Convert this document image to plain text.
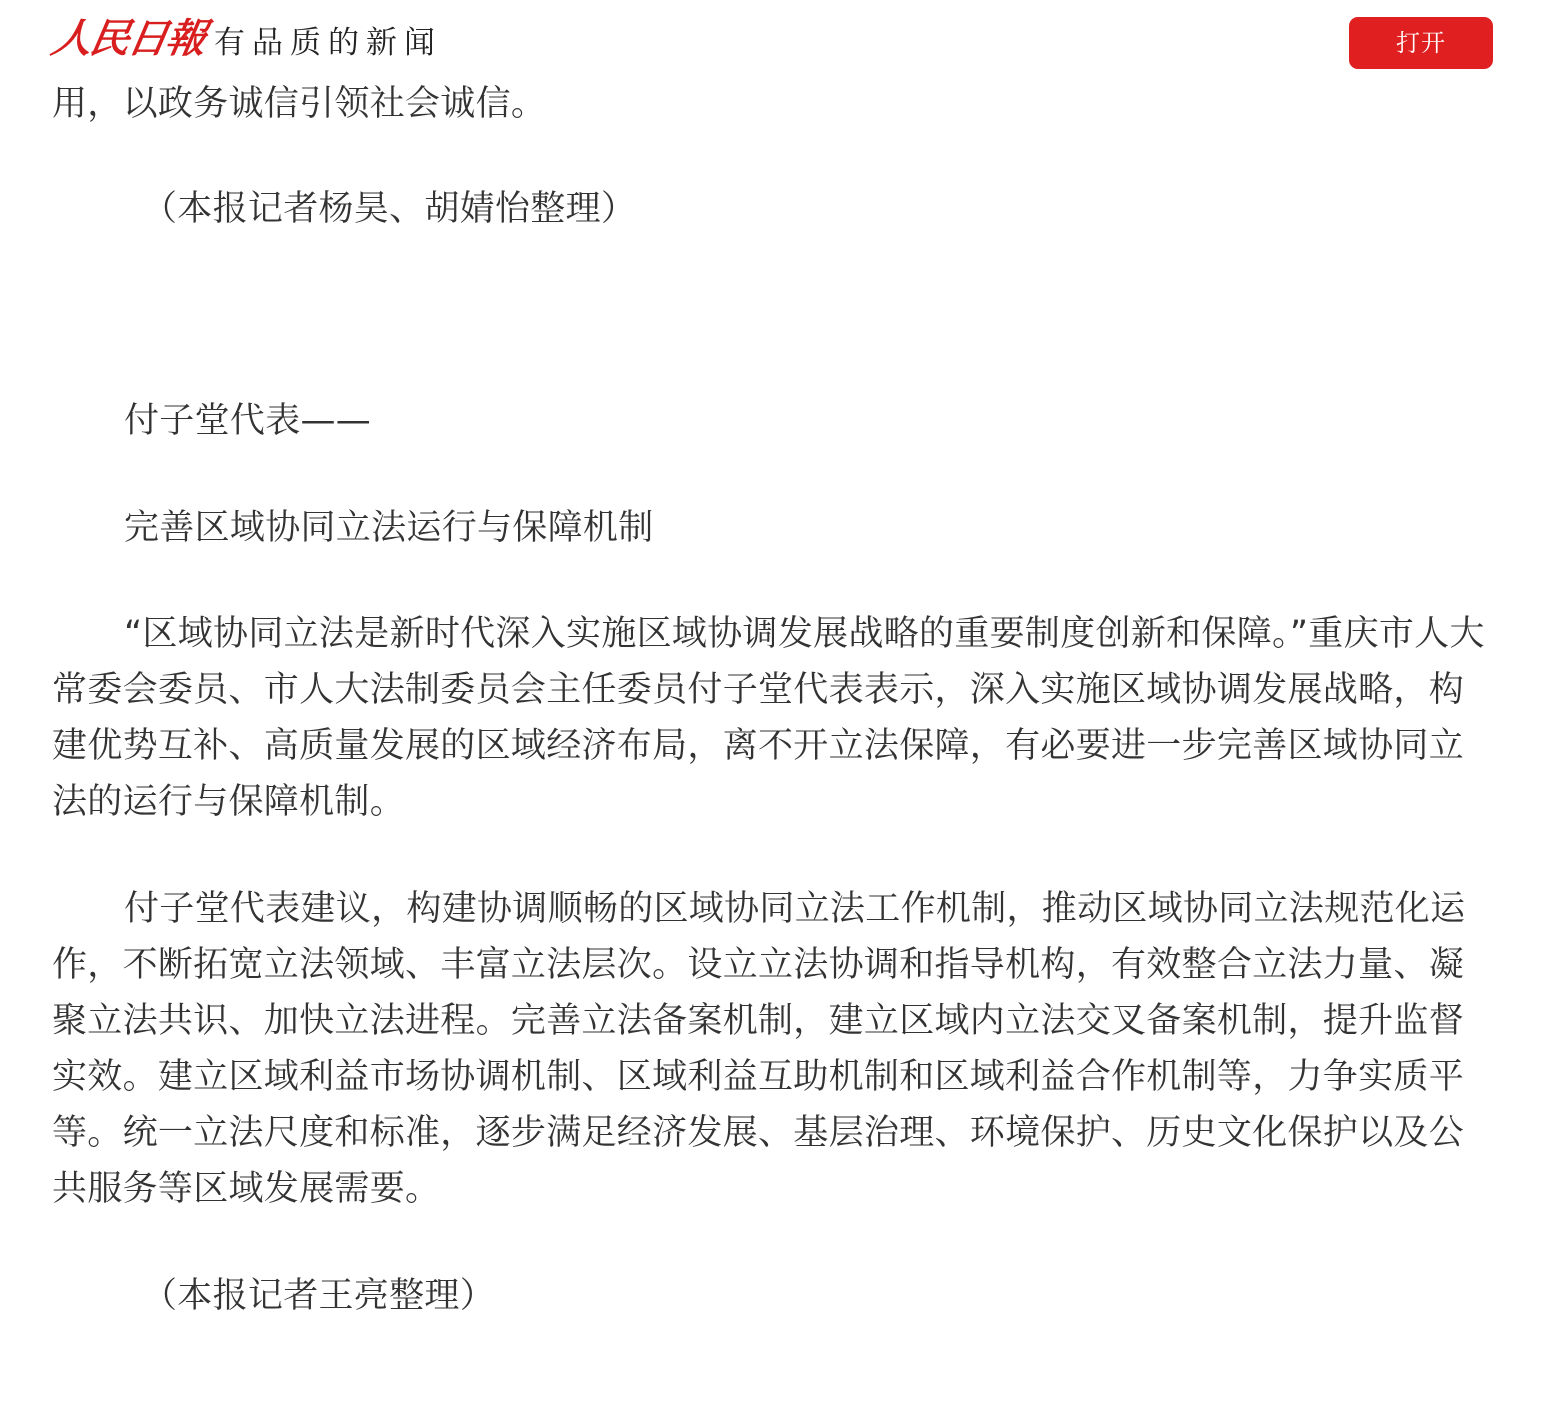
人民日報 有品质的新闻	打开

用，以政务诚信引领社会诚信。

（本报记者杨昊、胡婧怡整理）

付子堂代表——

完善区域协同立法运行与保障机制

“区域协同立法是新时代深入实施区域协调发展战略的重要制度创新和保障。”重庆市人大常委会委员、市人大法制委员会主任委员付子堂代表表示，深入实施区域协调发展战略，构建优势互补、高质量发展的区域经济布局，离不开立法保障，有必要进一步完善区域协同立法的运行与保障机制。

付子堂代表建议，构建协调顺畅的区域协同立法工作机制，推动区域协同立法规范化运作，不断拓宽立法领域、丰富立法层次。设立立法协调和指导机构，有效整合立法力量、凝聚立法共识、加快立法进程。完善立法备案机制，建立区域内立法交叉备案机制，提升监督实效。建立区域利益市场协调机制、区域利益互助机制和区域利益合作机制等，力争实质平等。统一立法尺度和标准，逐步满足经济发展、基层治理、环境保护、历史文化保护以及公共服务等区域发展需要。

（本报记者王亮整理）
